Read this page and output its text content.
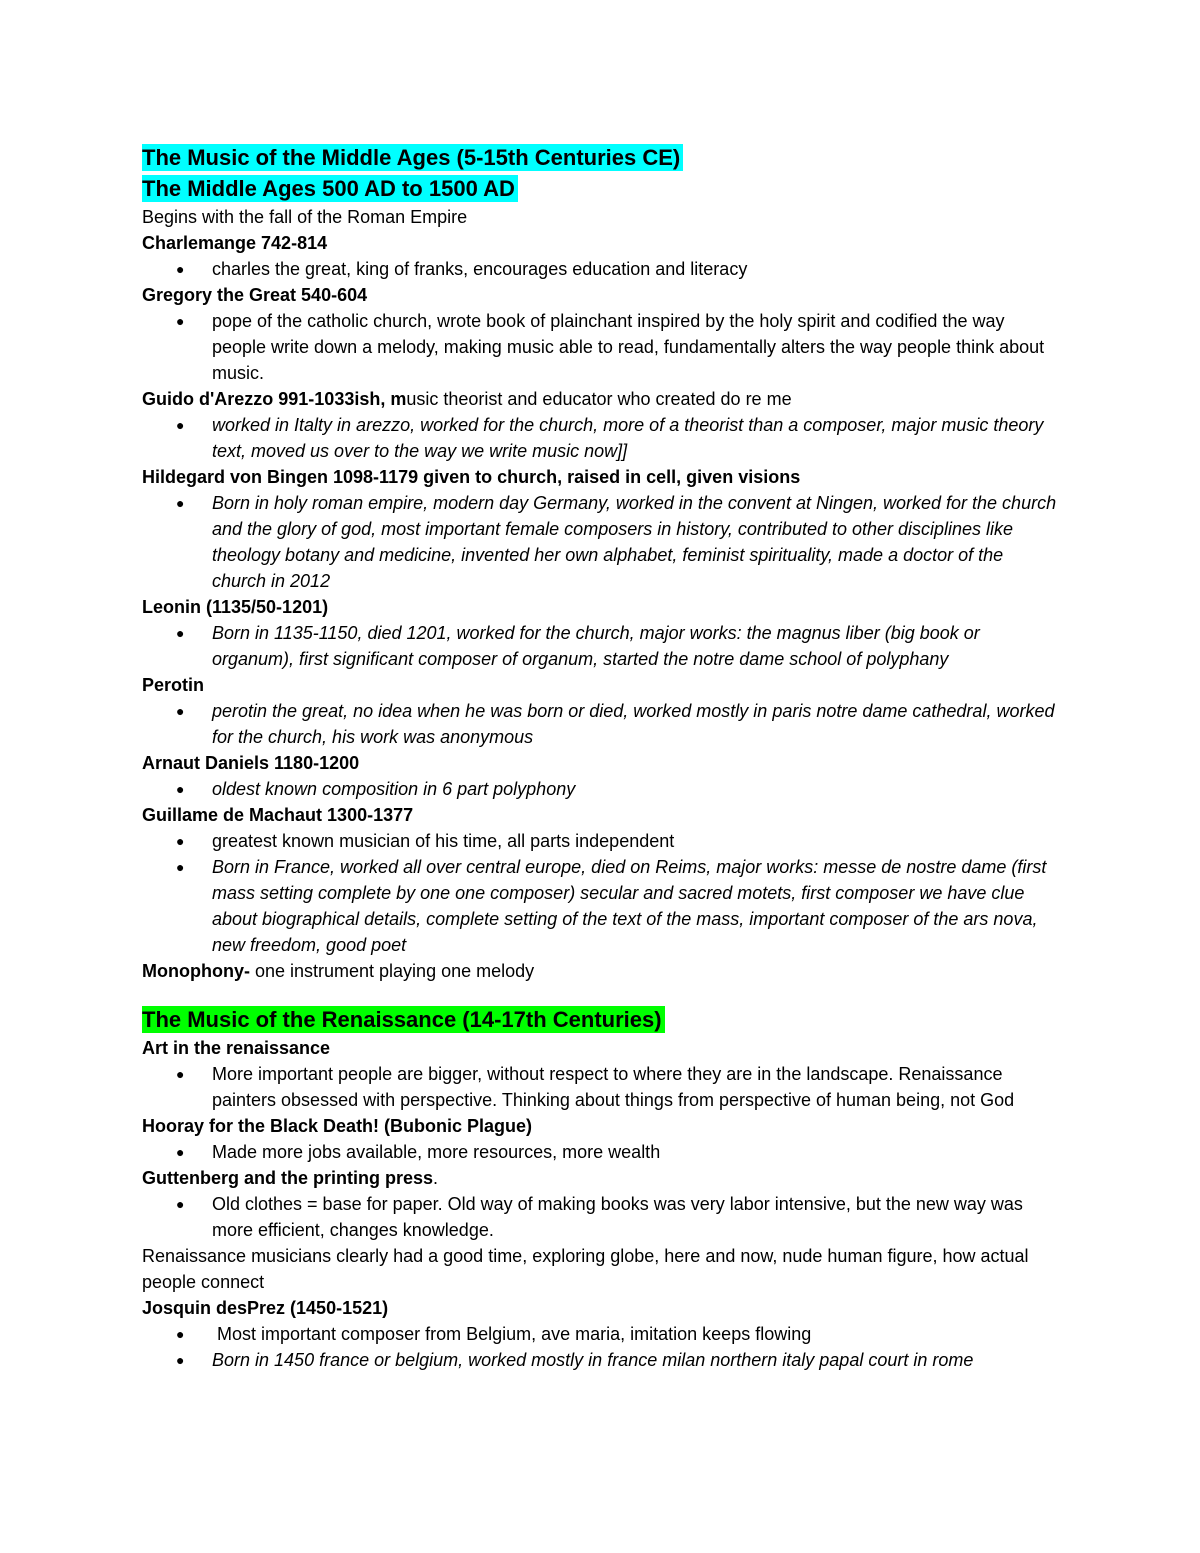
The Music of the Middle Ages (5-15th Centuries CE)
The Middle Ages 500 AD to 1500 AD
Begins with the fall of the Roman Empire
Charlemange 742-814
● charles the great, king of franks, encourages education and literacy
Gregory the Great 540-604
● pope of the catholic church, wrote book of plainchant inspired by the holy spirit and codified the way people write down a melody, making music able to read, fundamentally alters the way people think about music.
Guido d'Arezzo 991-1033ish, music theorist and educator who created do re me
● worked in Italty in arezzo, worked for the church, more of a theorist than a composer, major music theory text, moved us over to the way we write music now]]
Hildegard von Bingen 1098-1179 given to church, raised in cell, given visions
● Born in holy roman empire, modern day Germany, worked in the convent at Ningen, worked for the church and the glory of god, most important female composers in history, contributed to other disciplines like theology botany and medicine, invented her own alphabet, feminist spirituality, made a doctor of the church in 2012
Leonin (1135/50-1201)
● Born in 1135-1150, died 1201, worked for the church, major works: the magnus liber (big book or organum), first significant composer of organum, started the notre dame school of polyphany
Perotin
● perotin the great, no idea when he was born or died, worked mostly in paris notre dame cathedral, worked for the church, his work was anonymous
Arnaut Daniels 1180-1200
● oldest known composition in 6 part polyphony
Guillame de Machaut 1300-1377
● greatest known musician of his time, all parts independent
● Born in France, worked all over central europe, died on Reims, major works: messe de nostre dame (first mass setting complete by one one composer) secular and sacred motets, first composer we have clue about biographical details, complete setting of the text of the mass, important composer of the ars nova, new freedom, good poet
Monophony- one instrument playing one melody
The Music of the Renaissance (14-17th Centuries)
Art in the renaissance
● More important people are bigger, without respect to where they are in the landscape. Renaissance painters obsessed with perspective. Thinking about things from perspective of human being, not God
Hooray for the Black Death! (Bubonic Plague)
● Made more jobs available, more resources, more wealth
Guttenberg and the printing press.
● Old clothes = base for paper. Old way of making books was very labor intensive, but the new way was more efficient, changes knowledge.
Renaissance musicians clearly had a good time, exploring globe, here and now, nude human figure, how actual people connect
Josquin desPrez (1450-1521)
● Most important composer from Belgium, ave maria, imitation keeps flowing
● Born in 1450 france or belgium, worked mostly in france milan northern italy papal court in rome
